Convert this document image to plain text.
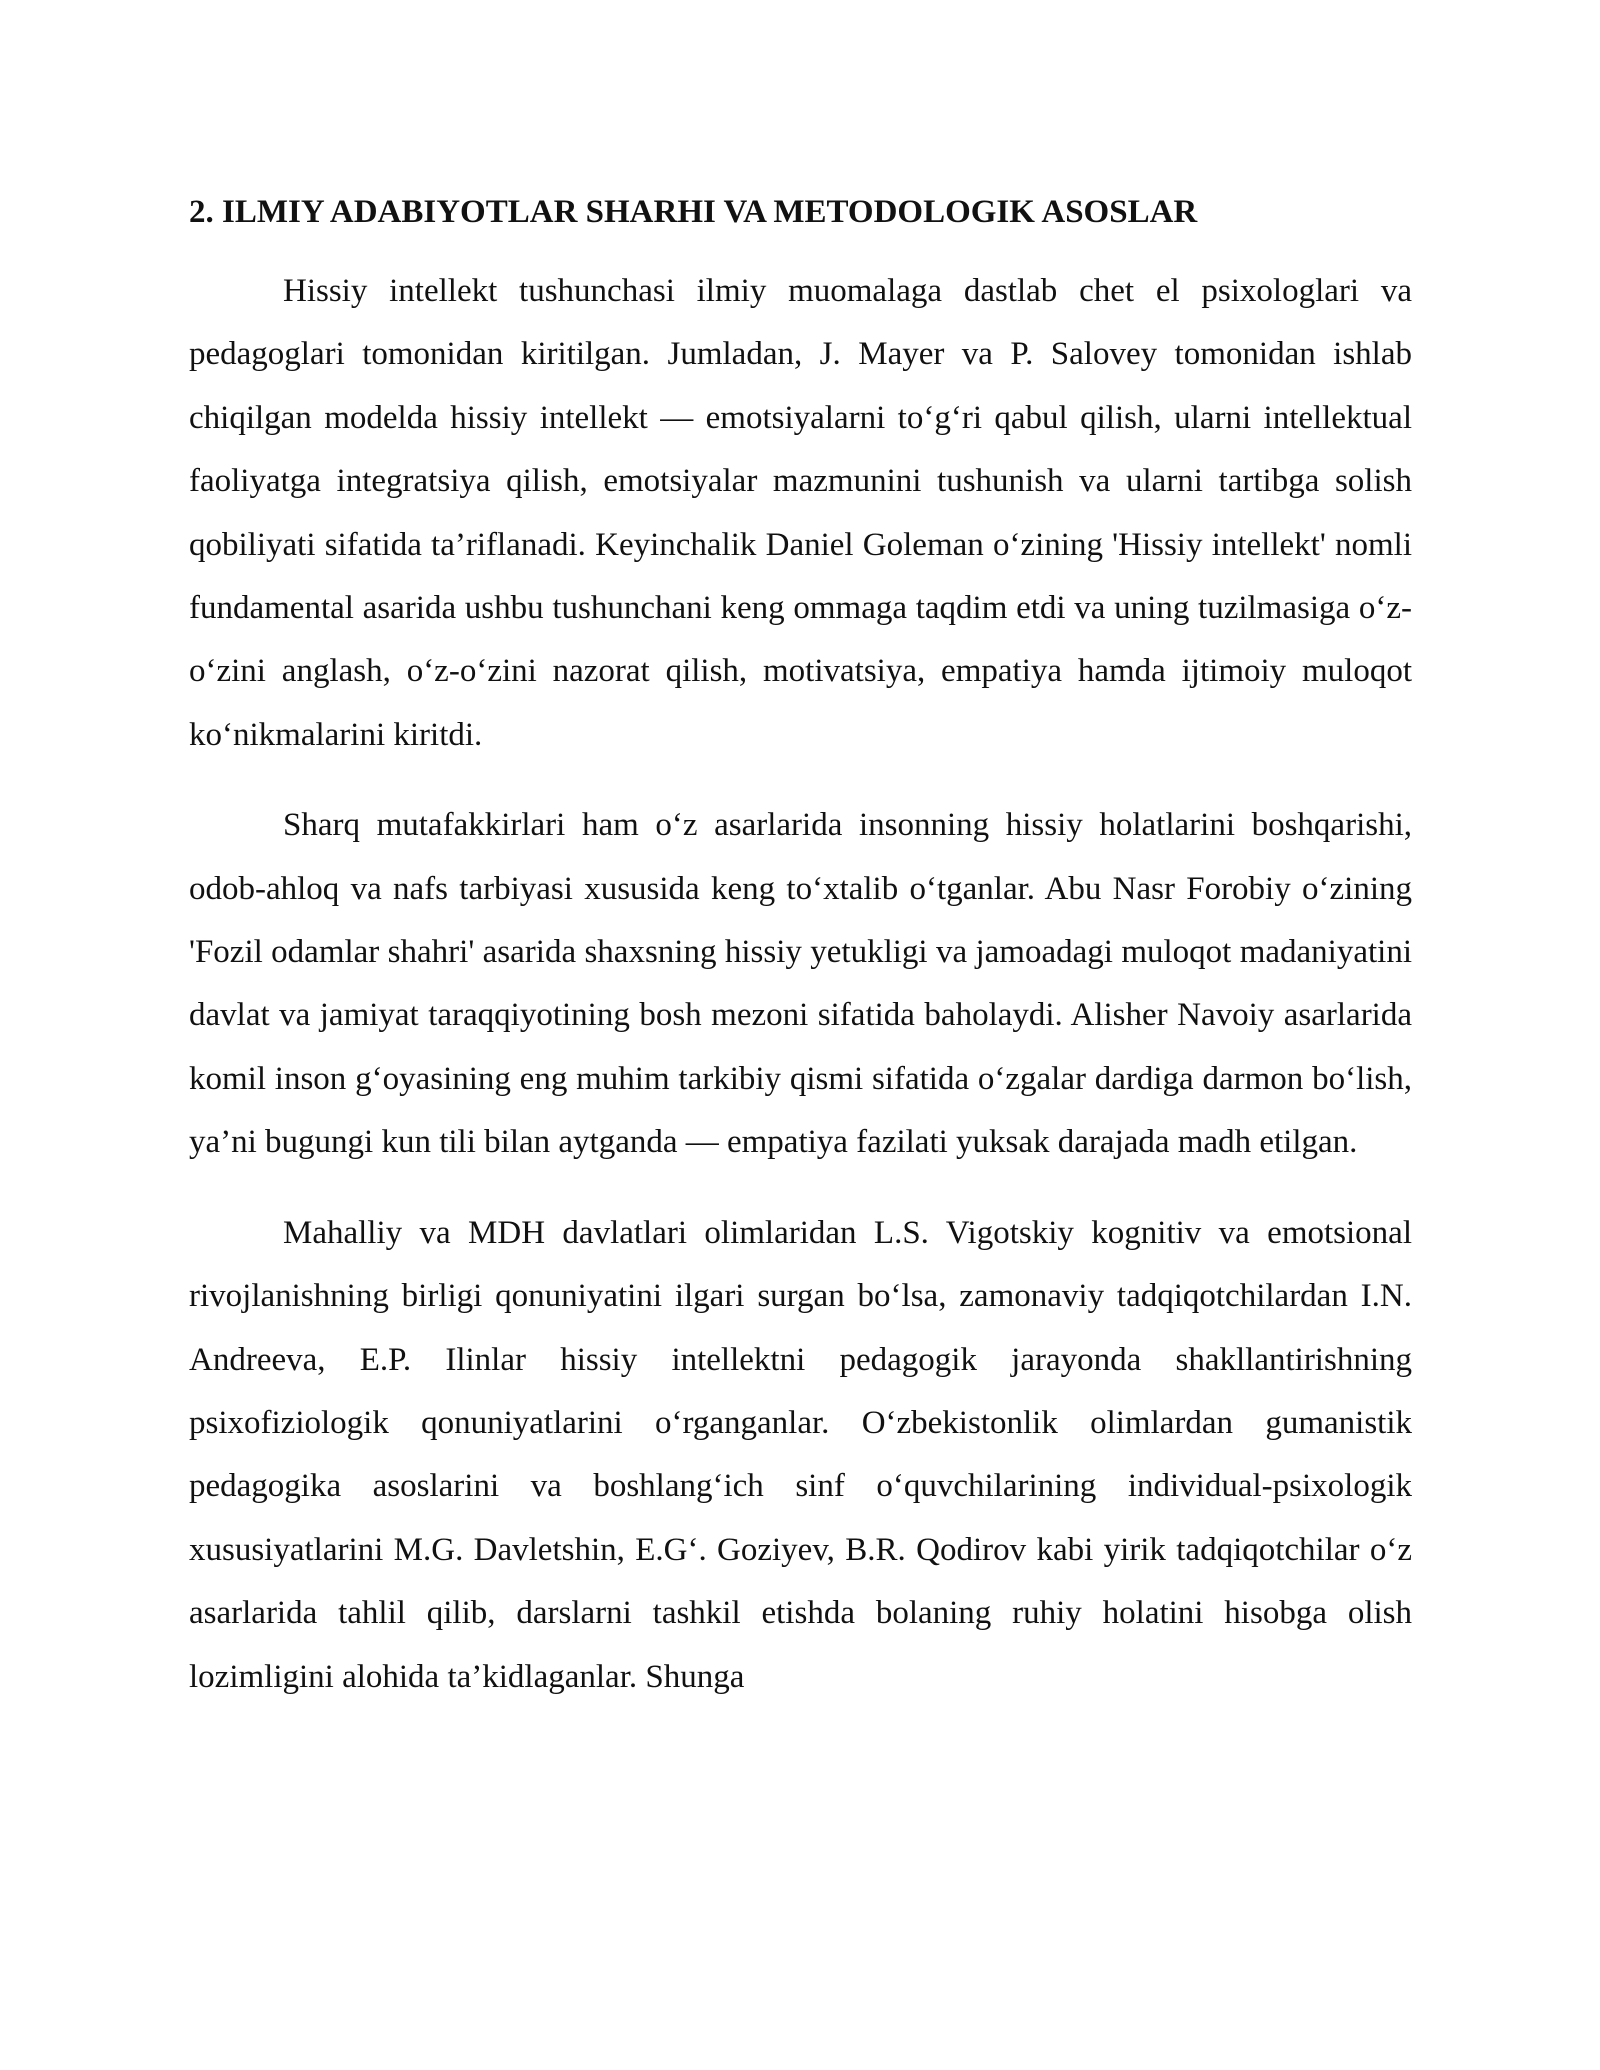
2. ILMIY ADABIYOTLAR SHARHI VA METODOLOGIK ASOSLAR

Hissiy intellekt tushunchasi ilmiy muomalaga dastlab chet el psixologlari va pedagoglari tomonidan kiritilgan. Jumladan, J. Mayer va P. Salovey tomonidan ishlab chiqilgan modelda hissiy intellekt — emotsiyalarni to‘g‘ri qabul qilish, ularni intellektual faoliyatga integratsiya qilish, emotsiyalar mazmunini tushunish va ularni tartibga solish qobiliyati sifatida ta’riflanadi. Keyinchalik Daniel Goleman o‘zining 'Hissiy intellekt' nomli fundamental asarida ushbu tushunchani keng ommaga taqdim etdi va uning tuzilmasiga o‘z-o‘zini anglash, o‘z-o‘zini nazorat qilish, motivatsiya, empatiya hamda ijtimoiy muloqot ko‘nikmalarini kiritdi.

Sharq mutafakkirlari ham o‘z asarlarida insonning hissiy holatlarini boshqarishi, odob-ahloq va nafs tarbiyasi xususida keng to‘xtalib o‘tganlar. Abu Nasr Forobiy o‘zining 'Fozil odamlar shahri' asarida shaxsning hissiy yetukligi va jamoadagi muloqot madaniyatini davlat va jamiyat taraqqiyotining bosh mezoni sifatida baholaydi. Alisher Navoiy asarlarida komil inson g‘oyasining eng muhim tarkibiy qismi sifatida o‘zgalar dardiga darmon bo‘lish, ya’ni bugungi kun tili bilan aytganda — empatiya fazilati yuksak darajada madh etilgan.

Mahalliy va MDH davlatlari olimlaridan L.S. Vigotskiy kognitiv va emotsional rivojlanishning birligi qonuniyatini ilgari surgan bo‘lsa, zamonaviy tadqiqotchilardan I.N. Andreeva, E.P. Ilinlar hissiy intellektni pedagogik jarayonda shakllantirishning psixofiziologik qonuniyatlarini o‘rganganlar. O‘zbekistonlik olimlardan gumanistik pedagogika asoslarini va boshlang‘ich sinf o‘quvchilarining individual-psixologik xususiyatlarini M.G. Davletshin, E.G‘. Goziyev, B.R. Qodirov kabi yirik tadqiqotchilar o‘z asarlarida tahlil qilib, darslarni tashkil etishda bolaning ruhiy holatini hisobga olish lozimligini alohida ta’kidlaganlar. Shunga
